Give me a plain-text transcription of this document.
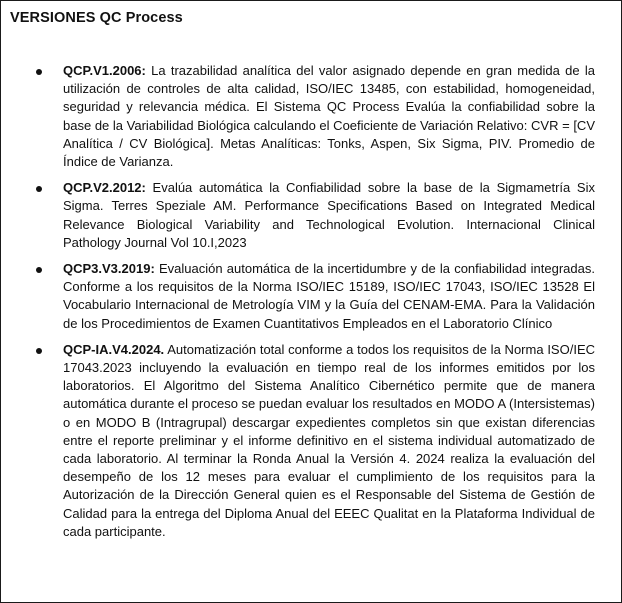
VERSIONES QC Process
QCP.V1.2006: La trazabilidad analítica del valor asignado depende en gran medida de la utilización de controles de alta calidad, ISO/IEC 13485, con estabilidad, homogeneidad, seguridad y relevancia médica. El Sistema QC Process Evalúa la confiabilidad sobre la base de la Variabilidad Biológica calculando el Coeficiente de Variación Relativo: CVR = [CV Analítica / CV Biológica]. Metas Analíticas: Tonks, Aspen, Six Sigma, PIV. Promedio de Índice de Varianza.
QCP.V2.2012: Evalúa automática la Confiabilidad sobre la base de la Sigmametría Six Sigma. Terres Speziale AM. Performance Specifications Based on Integrated Medical Relevance Biological Variability and Technological Evolution. Internacional Clinical Pathology Journal Vol 10.I,2023
QCP3.V3.2019: Evaluación automática de la incertidumbre y de la confiabilidad integradas. Conforme a los requisitos de la Norma ISO/IEC 15189, ISO/IEC 17043, ISO/IEC 13528 El Vocabulario Internacional de Metrología VIM y la Guía del CENAM-EMA. Para la Validación de los Procedimientos de Examen Cuantitativos Empleados en el Laboratorio Clínico
QCP-IA.V4.2024. Automatización total conforme a todos los requisitos de la Norma ISO/IEC 17043.2023 incluyendo la evaluación en tiempo real de los informes emitidos por los laboratorios. El Algoritmo del Sistema Analítico Cibernético permite que de manera automática durante el proceso se puedan evaluar los resultados en MODO A (Intersistemas) o en MODO B (Intragrupal) descargar expedientes completos sin que existan diferencias entre el reporte preliminar y el informe definitivo en el sistema individual automatizado de cada laboratorio. Al terminar la Ronda Anual la Versión 4. 2024 realiza la evaluación del desempeño de los 12 meses para evaluar el cumplimiento de los requisitos para la Autorización de la Dirección General quien es el Responsable del Sistema de Gestión de Calidad para la entrega del Diploma Anual del EEEC Qualitat en la Plataforma Individual de cada participante.
